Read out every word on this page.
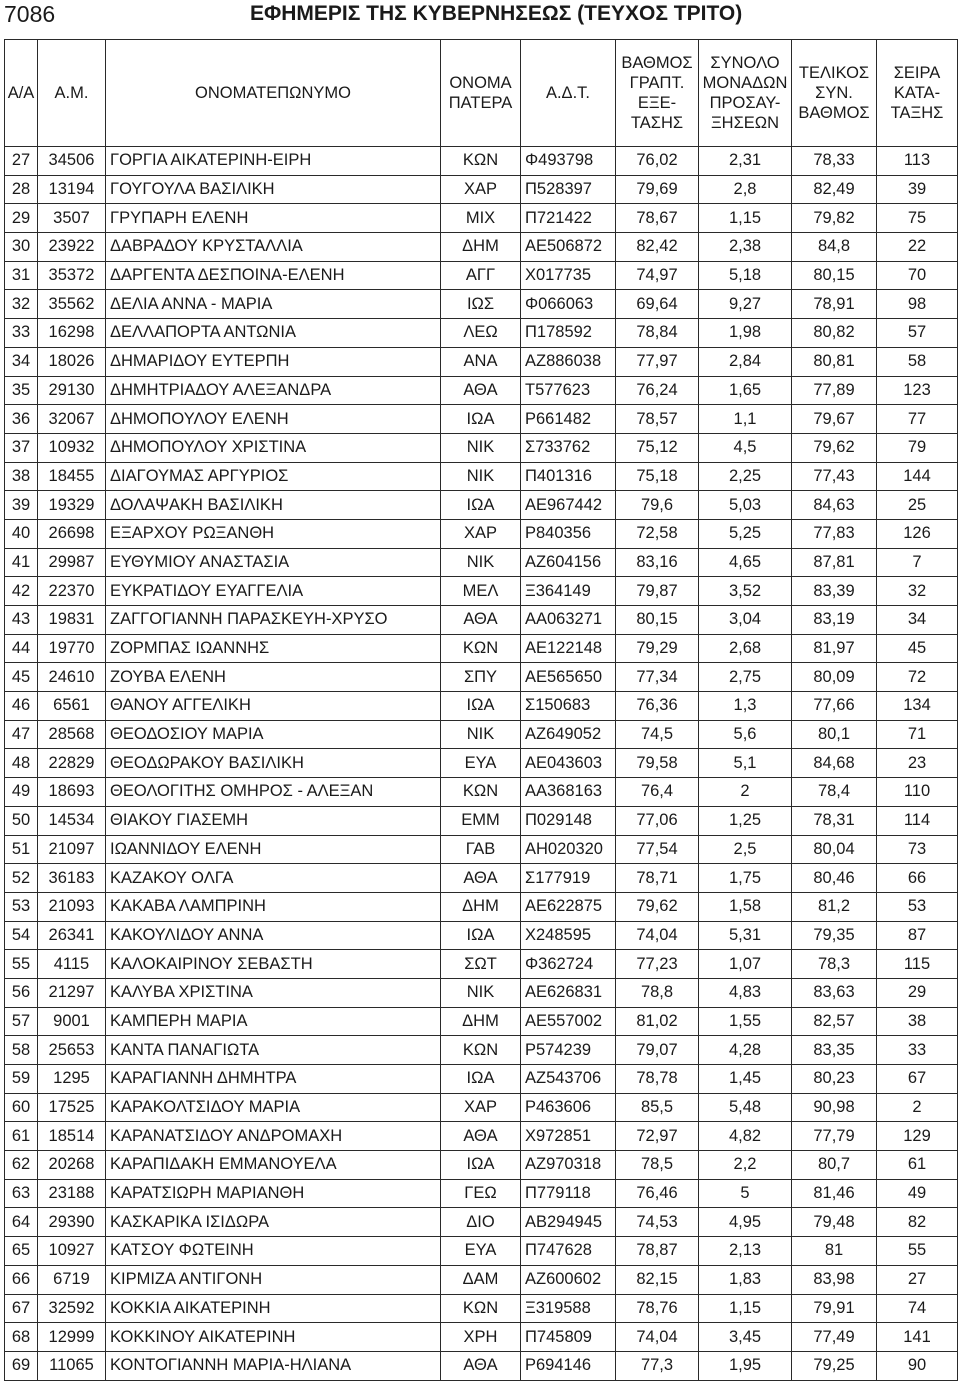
7086	ΕΦΗΜΕΡΙΣ ΤΗΣ ΚΥΒΕΡΝΗΣΕΩΣ (ΤΕΥΧΟΣ ΤΡΙΤΟ)
Α/Α	Α.Μ.	ΟΝΟΜΑΤΕΠΩΝΥΜΟ	ΟΝΟΜΑ ΠΑΤΕΡΑ	Α.Δ.Τ.	ΒΑΘΜΟΣ ΓΡΑΠΤ. ΕΞΕ-ΤΑΣΗΣ	ΣΥΝΟΛΟ ΜΟΝΑΔΩΝ ΠΡΟΣΑΥ-ΞΗΣΕΩΝ	ΤΕΛΙΚΟΣ ΣΥΝ. ΒΑΘΜΟΣ	ΣΕΙΡΑ ΚΑΤΑ-ΤΑΞΗΣ
27	34506	ΓΟΡΓΙΑ ΑΙΚΑΤΕΡΙΝΗ-ΕΙΡΗ	ΚΩΝ	Φ493798	76,02	2,31	78,33	113
28	13194	ΓΟΥΓΟΥΛΑ ΒΑΣΙΛΙΚΗ	ΧΑΡ	Π528397	79,69	2,8	82,49	39
29	3507	ΓΡΥΠΑΡΗ ΕΛΕΝΗ	ΜΙΧ	Π721422	78,67	1,15	79,82	75
30	23922	ΔΑΒΡΑΔΟΥ ΚΡΥΣΤΑΛΛΙΑ	ΔΗΜ	ΑΕ506872	82,42	2,38	84,8	22
31	35372	ΔΑΡΓΕΝΤΑ ΔΕΣΠΟΙΝΑ-ΕΛΕΝΗ	ΑΓΓ	Χ017735	74,97	5,18	80,15	70
32	35562	ΔΕΛΙΑ ΑΝΝΑ - ΜΑΡΙΑ	ΙΩΣ	Φ066063	69,64	9,27	78,91	98
33	16298	ΔΕΛΛΑΠΟΡΤΑ ΑΝΤΩΝΙΑ	ΛΕΩ	Π178592	78,84	1,98	80,82	57
34	18026	ΔΗΜΑΡΙΔΟΥ ΕΥΤΕΡΠΗ	ΑΝΑ	ΑΖ886038	77,97	2,84	80,81	58
35	29130	ΔΗΜΗΤΡΙΑΔΟΥ ΑΛΕΞΑΝΔΡΑ	ΑΘΑ	Τ577623	76,24	1,65	77,89	123
36	32067	ΔΗΜΟΠΟΥΛΟΥ ΕΛΕΝΗ	ΙΩΑ	Ρ661482	78,57	1,1	79,67	77
37	10932	ΔΗΜΟΠΟΥΛΟΥ ΧΡΙΣΤΙΝΑ	ΝΙΚ	Σ733762	75,12	4,5	79,62	79
38	18455	ΔΙΑΓΟΥΜΑΣ ΑΡΓΥΡΙΟΣ	ΝΙΚ	Π401316	75,18	2,25	77,43	144
39	19329	ΔΟΛΑΨΑΚΗ ΒΑΣΙΛΙΚΗ	ΙΩΑ	ΑΕ967442	79,6	5,03	84,63	25
40	26698	ΕΞΑΡΧΟΥ ΡΩΞΑΝΘΗ	ΧΑΡ	Ρ840356	72,58	5,25	77,83	126
41	29987	ΕΥΘΥΜΙΟΥ ΑΝΑΣΤΑΣΙΑ	ΝΙΚ	ΑΖ604156	83,16	4,65	87,81	7
42	22370	ΕΥΚΡΑΤΙΔΟΥ ΕΥΑΓΓΕΛΙΑ	ΜΕΛ	Ξ364149	79,87	3,52	83,39	32
43	19831	ΖΑΓΓΟΓΙΑΝΝΗ ΠΑΡΑΣΚΕΥΗ-ΧΡΥΣΟ	ΑΘΑ	ΑΑ063271	80,15	3,04	83,19	34
44	19770	ΖΟΡΜΠΑΣ ΙΩΑΝΝΗΣ	ΚΩΝ	ΑΕ122148	79,29	2,68	81,97	45
45	24610	ΖΟΥΒΑ ΕΛΕΝΗ	ΣΠΥ	ΑΕ565650	77,34	2,75	80,09	72
46	6561	ΘΑΝΟΥ ΑΓΓΕΛΙΚΗ	ΙΩΑ	Σ150683	76,36	1,3	77,66	134
47	28568	ΘΕΟΔΟΣΙΟΥ ΜΑΡΙΑ	ΝΙΚ	ΑΖ649052	74,5	5,6	80,1	71
48	22829	ΘΕΟΔΩΡΑΚΟΥ ΒΑΣΙΛΙΚΗ	ΕΥΑ	ΑΕ043603	79,58	5,1	84,68	23
49	18693	ΘΕΟΛΟΓΙΤΗΣ ΟΜΗΡΟΣ - ΑΛΕΞΑΝ	ΚΩΝ	ΑΑ368163	76,4	2	78,4	110
50	14534	ΘΙΑΚΟΥ ΓΙΑΣΕΜΗ	ΕΜΜ	Π029148	77,06	1,25	78,31	114
51	21097	ΙΩΑΝΝΙΔΟΥ ΕΛΕΝΗ	ΓΑΒ	ΑΗ020320	77,54	2,5	80,04	73
52	36183	ΚΑΖΑΚΟΥ ΟΛΓΑ	ΑΘΑ	Σ177919	78,71	1,75	80,46	66
53	21093	ΚΑΚΑΒΑ ΛΑΜΠΡΙΝΗ	ΔΗΜ	ΑΕ622875	79,62	1,58	81,2	53
54	26341	ΚΑΚΟΥΛΙΔΟΥ ΑΝΝΑ	ΙΩΑ	Χ248595	74,04	5,31	79,35	87
55	4115	ΚΑΛΟΚΑΙΡΙΝΟΥ ΣΕΒΑΣΤΗ	ΣΩΤ	Φ362724	77,23	1,07	78,3	115
56	21297	ΚΑΛΥΒΑ ΧΡΙΣΤΙΝΑ	ΝΙΚ	ΑΕ626831	78,8	4,83	83,63	29
57	9001	ΚΑΜΠΕΡΗ ΜΑΡΙΑ	ΔΗΜ	ΑΕ557002	81,02	1,55	82,57	38
58	25653	ΚΑΝΤΑ ΠΑΝΑΓΙΩΤΑ	ΚΩΝ	Ρ574239	79,07	4,28	83,35	33
59	1295	ΚΑΡΑΓΙΑΝΝΗ ΔΗΜΗΤΡΑ	ΙΩΑ	ΑΖ543706	78,78	1,45	80,23	67
60	17525	ΚΑΡΑΚΟΛΤΣΙΔΟΥ ΜΑΡΙΑ	ΧΑΡ	Ρ463606	85,5	5,48	90,98	2
61	18514	ΚΑΡΑΝΑΤΣΙΔΟΥ ΑΝΔΡΟΜΑΧΗ	ΑΘΑ	Χ972851	72,97	4,82	77,79	129
62	20268	ΚΑΡΑΠΙΔΑΚΗ ΕΜΜΑΝΟΥΕΛΑ	ΙΩΑ	ΑΖ970318	78,5	2,2	80,7	61
63	23188	ΚΑΡΑΤΣΙΩΡΗ ΜΑΡΙΑΝΘΗ	ΓΕΩ	Π779118	76,46	5	81,46	49
64	29390	ΚΑΣΚΑΡΙΚΑ ΙΣΙΔΩΡΑ	ΔΙΟ	ΑΒ294945	74,53	4,95	79,48	82
65	10927	ΚΑΤΣΟΥ ΦΩΤΕΙΝΗ	ΕΥΑ	Π747628	78,87	2,13	81	55
66	6719	ΚΙΡΜΙΖΑ ΑΝΤΙΓΟΝΗ	ΔΑΜ	ΑΖ600602	82,15	1,83	83,98	27
67	32592	ΚΟΚΚΙΑ ΑΙΚΑΤΕΡΙΝΗ	ΚΩΝ	Ξ319588	78,76	1,15	79,91	74
68	12999	ΚΟΚΚΙΝΟΥ ΑΙΚΑΤΕΡΙΝΗ	ΧΡΗ	Π745809	74,04	3,45	77,49	141
69	11065	ΚΟΝΤΟΓΙΑΝΝΗ ΜΑΡΙΑ-ΗΛΙΑΝΑ	ΑΘΑ	Ρ694146	77,3	1,95	79,25	90
